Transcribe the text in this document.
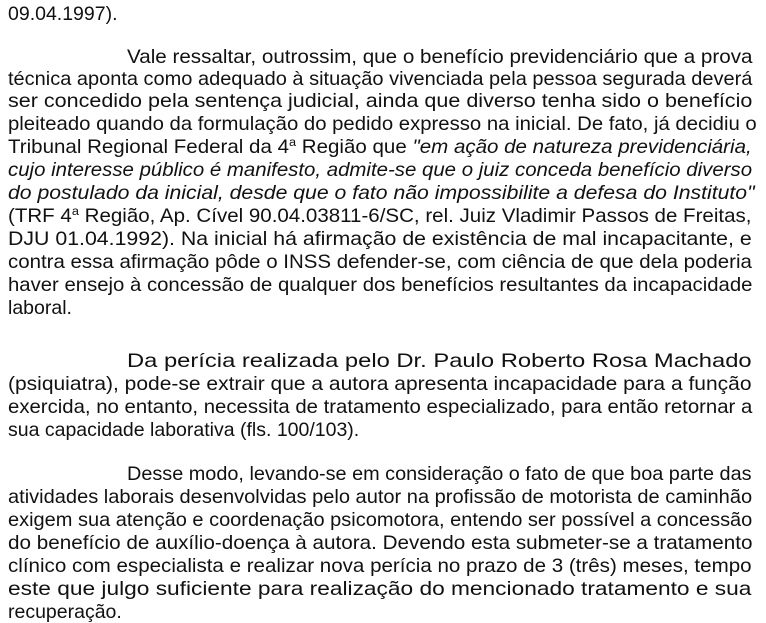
09.04.1997).
Vale ressaltar, outrossim, que o benefício previdenciário que a prova
técnica aponta como adequado à situação vivenciada pela pessoa segurada deverá
ser concedido pela sentença judicial, ainda que diverso tenha sido o benefício
pleiteado quando da formulação do pedido expresso na inicial. De fato, já decidiu o
Tribunal Regional Federal da 4$^a$ Região que "em ação de natureza previdenciária,
cujo interesse público é manifesto, admite-se que o juiz conceda benefício diverso
do postulado da inicial, desde que o fato não impossibilite a defesa do Instituto"
(TRF 4$^a$ Região, Ap. Cível 90.04.03811-6/SC, rel. Juiz Vladimir Passos de Freitas,
DJU 01.04.1992). Na inicial há afirmação de existência de mal incapacitante, e
contra essa afirmação pôde o INSS defender-se, com ciência de que dela poderia
haver ensejo à concessão de qualquer dos benefícios resultantes da incapacidade
laboral.
Da perícia realizada pelo Dr. Paulo Roberto Rosa Machado
(psiquiatra), pode-se extrair que a autora apresenta incapacidade para a função
exercida, no entanto, necessita de tratamento especializado, para então retornar a
sua capacidade laborativa (fls. 100/103).
Desse modo, levando-se em consideração o fato de que boa parte das
atividades laborais desenvolvidas pelo autor na profissão de motorista de caminhão
exigem sua atenção e coordenação psicomotora, entendo ser possível a concessão
do benefício de auxílio-doença à autora. Devendo esta submeter-se a tratamento
clínico com especialista e realizar nova perícia no prazo de 3 (três) meses, tempo
este que julgo suficiente para realização do mencionado tratamento e sua
recuperação.
